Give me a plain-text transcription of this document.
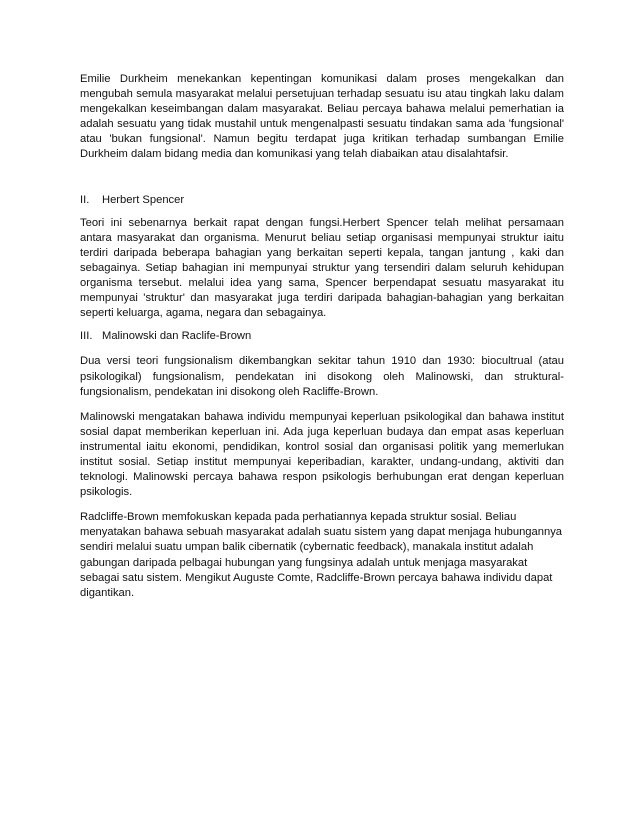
Emilie Durkheim menekankan kepentingan komunikasi dalam proses mengekalkan dan mengubah semula masyarakat melalui persetujuan terhadap sesuatu isu atau tingkah laku dalam mengekalkan keseimbangan dalam masyarakat. Beliau percaya bahawa melalui pemerhatian ia adalah sesuatu yang tidak mustahil untuk mengenalpasti sesuatu tindakan sama ada 'fungsional' atau 'bukan fungsional'. Namun begitu terdapat juga kritikan terhadap sumbangan Emilie Durkheim dalam bidang media dan komunikasi yang telah diabaikan atau disalahtafsir.

II.	Herbert Spencer

Teori ini sebenarnya berkait rapat dengan fungsi.Herbert Spencer telah melihat persamaan antara masyarakat dan organisma. Menurut beliau setiap organisasi mempunyai struktur iaitu terdiri daripada beberapa bahagian yang berkaitan seperti kepala, tangan jantung , kaki dan sebagainya. Setiap bahagian ini mempunyai struktur yang tersendiri dalam seluruh kehidupan organisma tersebut. melalui idea yang sama, Spencer berpendapat sesuatu masyarakat itu mempunyai 'struktur' dan masyarakat juga terdiri daripada bahagian-bahagian yang berkaitan seperti keluarga, agama, negara dan sebagainya.

III. Malinowski dan Raclife-Brown

Dua versi teori fungsionalism dikembangkan sekitar tahun 1910 dan 1930: biocultrual (atau psikologikal) fungsionalism, pendekatan ini disokong oleh Malinowski, dan struktural-fungsionalism, pendekatan ini disokong oleh Racliffe-Brown.

Malinowski mengatakan bahawa individu mempunyai keperluan psikologikal dan bahawa institut sosial dapat memberikan keperluan ini. Ada juga keperluan budaya dan empat asas keperluan instrumental iaitu ekonomi, pendidikan, kontrol sosial dan organisasi politik yang memerlukan institut sosial. Setiap institut mempunyai keperibadian, karakter, undang-undang, aktiviti dan teknologi. Malinowski percaya bahawa respon psikologis berhubungan erat dengan keperluan psikologis.

Radcliffe-Brown memfokuskan kepada pada perhatiannya kepada struktur sosial. Beliau menyatakan bahawa sebuah masyarakat adalah suatu sistem yang dapat menjaga hubungannya sendiri melalui suatu umpan balik cibernatik (cybernatic feedback), manakala institut adalah gabungan daripada pelbagai hubungan yang fungsinya adalah untuk menjaga masyarakat sebagai satu sistem. Mengikut Auguste Comte, Radcliffe-Brown percaya bahawa individu dapat digantikan.
